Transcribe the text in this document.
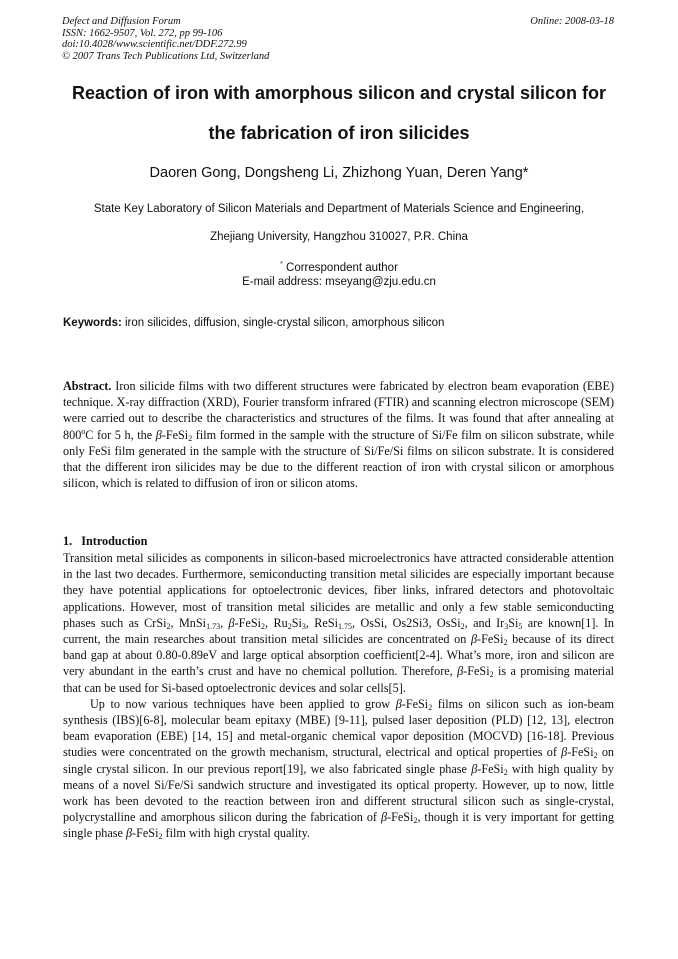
Defect and Diffusion Forum
ISSN: 1662-9507, Vol. 272, pp 99-106
doi:10.4028/www.scientific.net/DDF.272.99
© 2007 Trans Tech Publications Ltd, Switzerland
Online: 2008-03-18
Reaction of iron with amorphous silicon and crystal silicon for
the fabrication of iron silicides
Daoren Gong, Dongsheng Li, Zhizhong Yuan, Deren Yang*
State Key Laboratory of Silicon Materials and Department of Materials Science and Engineering,
Zhejiang University, Hangzhou 310027, P.R. China
* Correspondent author
E-mail address: mseyang@zju.edu.cn
Keywords: iron silicides, diffusion, single-crystal silicon, amorphous silicon
Abstract. Iron silicide films with two different structures were fabricated by electron beam evaporation (EBE) technique. X-ray diffraction (XRD), Fourier transform infrared (FTIR) and scanning electron microscope (SEM) were carried out to describe the characteristics and structures of the films. It was found that after annealing at 800$^o$C for 5 h, the β-FeSi$_2$ film formed in the sample with the structure of Si/Fe film on silicon substrate, while only FeSi film generated in the sample with the structure of Si/Fe/Si films on silicon substrate. It is considered that the different iron silicides may be due to the different reaction of iron with crystal silicon or amorphous silicon, which is related to diffusion of iron or silicon atoms.
1.   Introduction

Transition metal silicides as components in silicon-based microelectronics have attracted considerable attention in the last two decades. Furthermore, semiconducting transition metal silicides are especially important because they have potential applications for optoelectronic devices, fiber links, infrared detectors and photovoltaic applications. However, most of transition metal silicides are metallic and only a few stable semiconducting phases such as CrSi$_2$, MnSi$_{1.73}$, β-FeSi$_2$, $Ru_2Si_3$, ReSi$_{1.75}$, OsSi, Os2Si3, OsSi$_2$, and $Ir_3Si_5$ are known[1]. In current, the main researches about transition metal silicides are concentrated on β-FeSi$_2$ because of its direct band gap at about 0.80-0.89eV and large optical absorption coefficient[2-4]. What’s more, iron and silicon are very abundant in the earth’s crust and have no chemical pollution. Therefore, β-FeSi$_2$ is a promising material that can be used for Si-based optoelectronic devices and solar cells[5].

Up to now various techniques have been applied to grow β-FeSi$_2$ films on silicon such as ion-beam synthesis (IBS)[6-8], molecular beam epitaxy (MBE) [9-11], pulsed laser deposition (PLD) [12, 13], electron beam evaporation (EBE) [14, 15] and metal-organic chemical vapor deposition (MOCVD) [16-18]. Previous studies were concentrated on the growth mechanism, structural, electrical and optical properties of β-FeSi$_2$ on single crystal silicon. In our previous report[19], we also fabricated single phase β-FeSi$_2$ with high quality by means of a novel Si/Fe/Si sandwich structure and investigated its optical property. However, up to now, little work has been devoted to the reaction between iron and different structural silicon such as single-crystal, polycrystalline and amorphous silicon during the fabrication of β-FeSi$_2$, though it is very important for getting single phase β-FeSi$_2$ film with high crystal quality.
